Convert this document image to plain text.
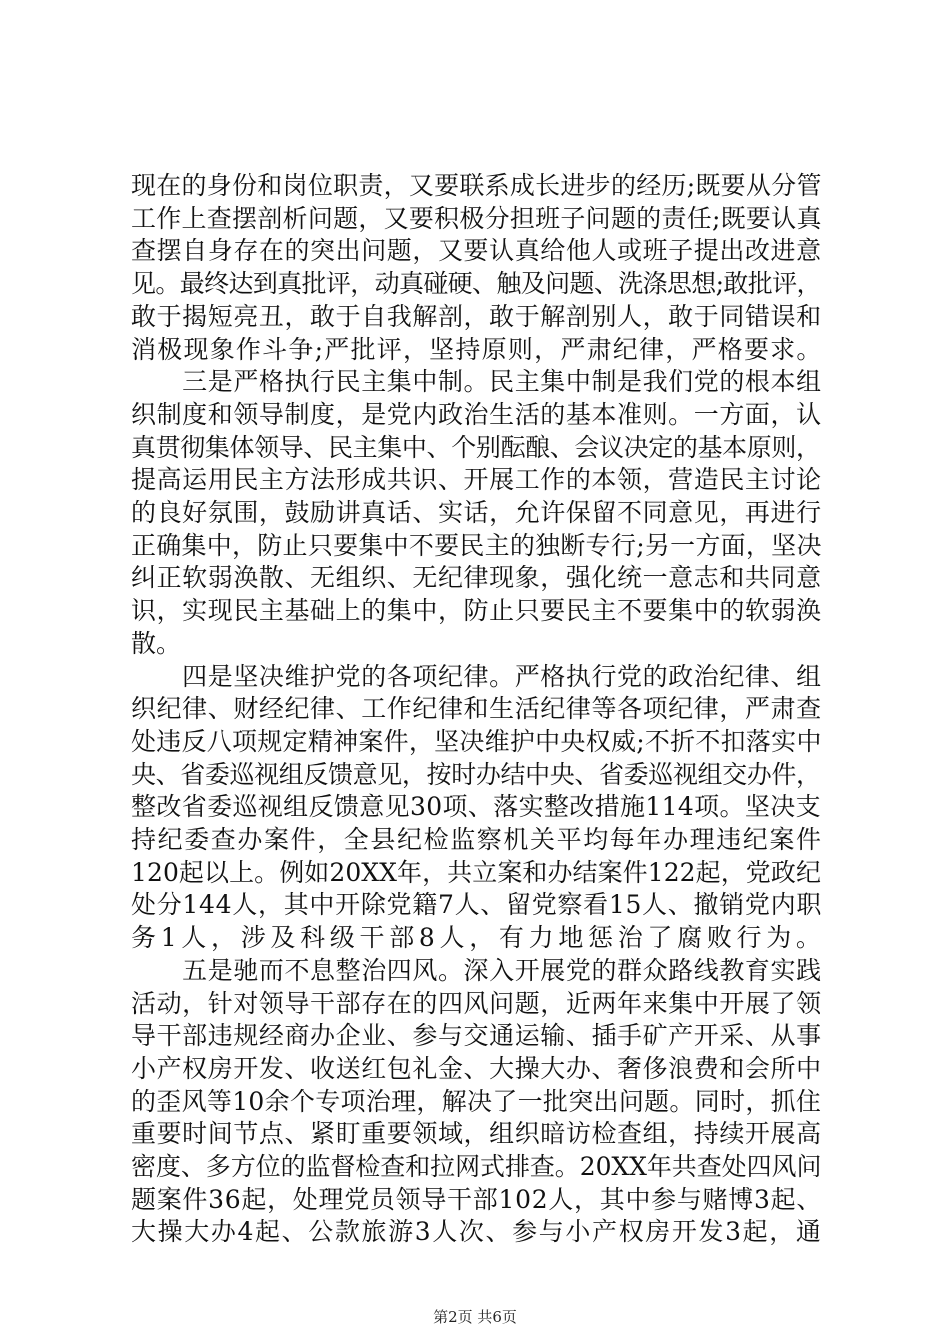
现在的身份和岗位职责，又要联系成长进步的经历;既要从分管
工作上查摆剖析问题，又要积极分担班子问题的责任;既要认真
查摆自身存在的突出问题，又要认真给他人或班子提出改进意
见。最终达到真批评，动真碰硬、触及问题、洗涤思想;敢批评，
敢于揭短亮丑，敢于自我解剖，敢于解剖别人，敢于同错误和
消极现象作斗争;严批评，坚持原则，严肃纪律，严格要求。
　　三是严格执行民主集中制。民主集中制是我们党的根本组
织制度和领导制度，是党内政治生活的基本准则。一方面，认
真贯彻集体领导、民主集中、个别酝酿、会议决定的基本原则，
提高运用民主方法形成共识、开展工作的本领，营造民主讨论
的良好氛围，鼓励讲真话、实话，允许保留不同意见，再进行
正确集中，防止只要集中不要民主的独断专行;另一方面，坚决
纠正软弱涣散、无组织、无纪律现象，强化统一意志和共同意
识，实现民主基础上的集中，防止只要民主不要集中的软弱涣
散。
　　四是坚决维护党的各项纪律。严格执行党的政治纪律、组
织纪律、财经纪律、工作纪律和生活纪律等各项纪律，严肃查
处违反八项规定精神案件，坚决维护中央权威;不折不扣落实中
央、省委巡视组反馈意见，按时办结中央、省委巡视组交办件，
整改省委巡视组反馈意见30项、落实整改措施114项。坚决支
持纪委查办案件，全县纪检监察机关平均每年办理违纪案件
120起以上。例如20XX年，共立案和办结案件122起，党政纪
处分144人，其中开除党籍7人、留党察看15人、撤销党内职
务1人，涉及科级干部8人，有力地惩治了腐败行为。
　　五是驰而不息整治四风。深入开展党的群众路线教育实践
活动，针对领导干部存在的四风问题，近两年来集中开展了领
导干部违规经商办企业、参与交通运输、插手矿产开采、从事
小产权房开发、收送红包礼金、大操大办、奢侈浪费和会所中
的歪风等10余个专项治理，解决了一批突出问题。同时，抓住
重要时间节点、紧盯重要领域，组织暗访检查组，持续开展高
密度、多方位的监督检查和拉网式排查。20XX年共查处四风问
题案件36起，处理党员领导干部102人，其中参与赌博3起、
大操大办4起、公款旅游3人次、参与小产权房开发3起，通
第2页 共6页
